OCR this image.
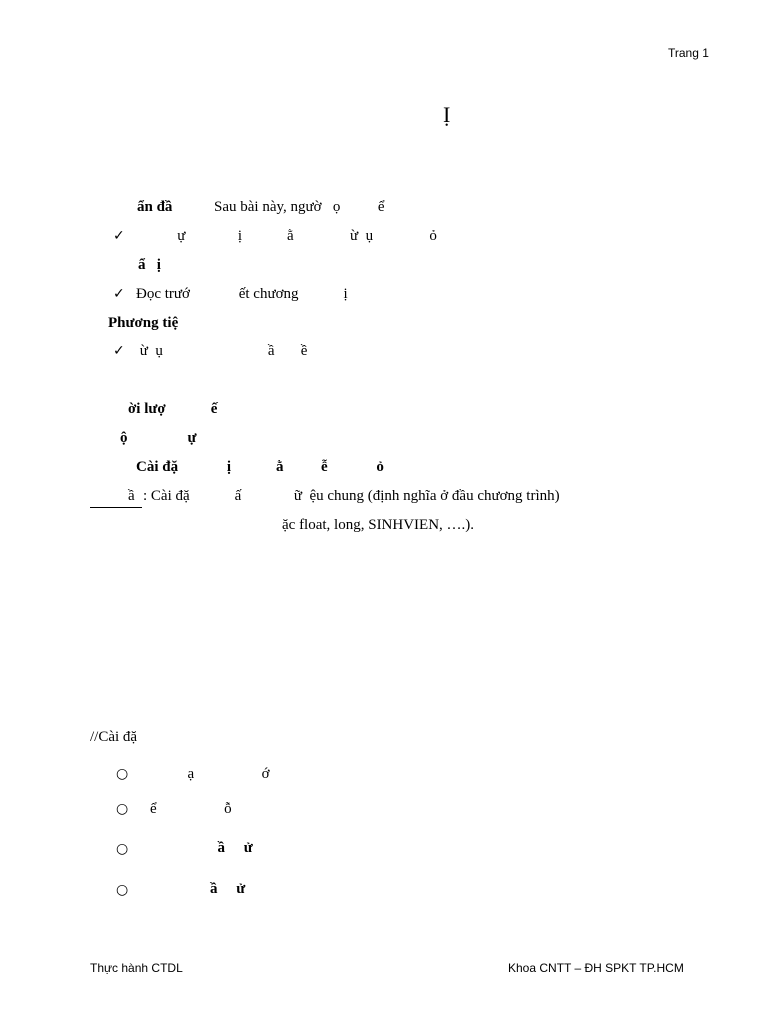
Trang 1
Ị
ẩn đầ	Sau bài này, ngườ   ọ          ể
✓ ự              ị            ằ               ừ  ụ               ỏ
ẩ   ị
✓ Đọc trướ             ết chương            ị
Phương tiệ
✓ ừ  ụ                            ầ       ề
ời lượ            ế
ộ                ự
Cài đặ             ị            ằ          ễ             ỏ
ầ : Cài đặ            ấ              ữ  ệu chung (định nghĩa ở đầu chương trình)
ặc float, long, SINHVIEN, ….).
//Cài đặ
○ ạ                  ớ
○ ể                  ỗ
○ ầ     ử
○ ầ     ử
Thực hành CTDL	Khoa CNTT – ĐH SPKT TP.HCM
